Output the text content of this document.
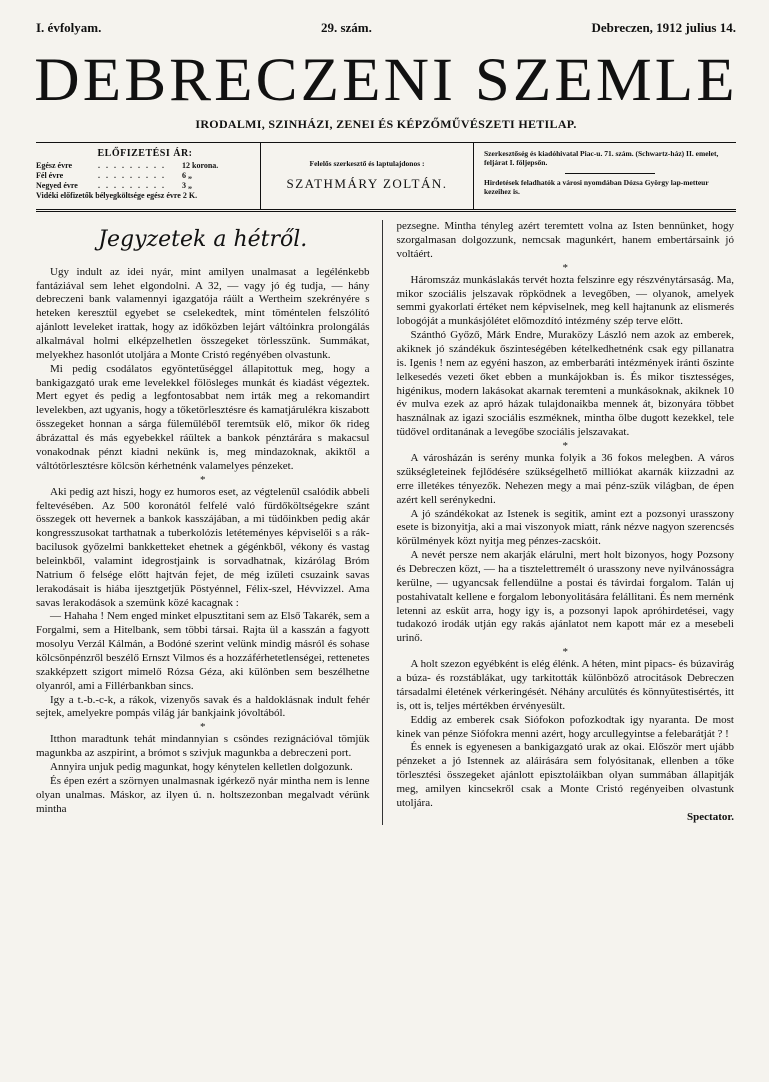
I. évfolyam.	29. szám.	Debreczen, 1912 julius 14.
DEBRECZENI SZEMLE
IRODALMI, SZINHÁZI, ZENEI ÉS KÉPZŐMŰVÉSZETI HETILAP.
ELŐFIZETÉSI ÁR:
Egész évre	. . . . . . . . .	12 korona.
Fél évre	. . . . . . . . .	6 „
Negyed évre	. . . . . . . . .	3 „
Vidéki előfizetők bélyegköltsége egész évre 2 K.
Felelős szerkesztő és laptulajdonos :
SZATHMÁRY ZOLTÁN.
Szerkesztőség és kiadóhivatal Piac-u. 71. szám. (Schwartz-ház) II. emelet, feljárat I. följepsőn.
Hirdetések feladhatók a városi nyomdában Dózsa György lap-metteur kezeihez is.
Jegyzetek a hétről.

Ugy indult az idei nyár, mint amilyen unalmasat a legélénkebb fantáziával sem lehet elgondolni. A 32, — vagy jó ég tudja, — hány debreczeni bank valamennyi igazgatója ráült a Wertheim szekrényére s heteken keresztül egyebet se cselekedtek, mint töméntelen felszólító ajánlott leveleket irattak, hogy az időközben lejárt váltóinkra prolongálás alkalmával holmi elképzelhetlen összegeket törlesszünk. Summákat, melyekhez hasonlót utoljára a Monte Cristó regényében olvastunk.

Mi pedig csodálatos egyöntetűséggel állapitottuk meg, hogy a bankigazgató urak eme levelekkel fölösleges munkát és kiadást végeztek. Mert egyet és pedig a legfontosabbat nem irták meg a rekomandirt levelekben, azt ugyanis, hogy a tőketörlesztésre és kamatjárulékra kiszabott összegeket honnan a sárga füleműlébőI teremtsük elő, mikor ők rideg ábrázattal és más egyebekkel ráültek a bankok pénztárára s makacsul vonakodnak pénzt kiadni nekünk is, meg mindazoknak, akiktől a váltótörlesztésre kölcsön kérhetnénk valamelyes pénzeket.

*

Aki pedig azt hiszi, hogy ez humoros eset, az végtelenül csalódik abbeli feltevésében. Az 500 koronától felfelé való fürdőköltségekre szánt összegek ott hevernek a bankok kasszájában, a mi tüdőinkben pedig akár kongresszusokat tarthatnak a tuberkolózis letéteményes képviselői s a rák-bacilusok győzelmi bankketteket ehetnek a gégénkből, vékony és vastag beleinkből, valamint idegrostjaink is sorvadhatnak, kizárólag Bróm Natrium ő felsége előtt hajtván fejet, de még izületi csuzaink savas lerakodásait is hiába ijesztgetjük Pöstyénnel, Félix-szel, Hévvizzel. Ama savas lerakodások a szemünk közé kacagnak :

— Hahaha ! Nem enged minket elpusztitani sem az Első Takarék, sem a Forgalmi, sem a Hitelbank, sem többi társai. Rajta ül a kasszán a fagyott mosolyu Verzál Kálmán, a Bodóné szerint velünk mindig másról és sohase kölcsönpénzről beszélő Ernszt Vilmos és a hozzáférhetetlenségei, rettenetes szakképzett szigort mimelő Rózsa Géza, aki különben sem beszélhetne olyanról, ami a Fillérbankban sincs.

Igy a t.-b.-c-k, a rákok, vizenyős savak és a haldoklásnak indult fehér sejtek, amelyekre pompás világ jár bankjaink jóvoltából.

*

Itthon maradtunk tehát mindannyian s csöndes rezignációval tömjük magunkba az aszpirint, a brómot s szivjuk magunkba a debreczeni port.

Annyira unjuk pedig magunkat, hogy kénytelen kelletlen dolgozunk.

És épen ezért a szörnyen unalmasnak igérkező nyár mintha nem is lenne olyan unalmas. Máskor, az ilyen ú. n. holtszezonban megalvadt vérünk mintha

pezsegne. Mintha tényleg azért teremtett volna az Isten bennünket, hogy szorgalmasan dolgozzunk, nemcsak magunkért, hanem embertársaink jó voltáért.

*

Háromszáz munkáslakás tervét hozta felszinre egy részvénytársaság. Ma, mikor szociális jelszavak röpködnek a levegőben, — olyanok, amelyek semmi gyakorlati értéket nem képviselnek, meg kell hajtanunk az elismerés lobogóját a munkásjólétet előmozdító intézmény szép terve előtt.

Szánthó Győző, Márk Endre, Muraközy László nem azok az emberek, akiknek jó szándékuk őszinteségében kételkedhetnénk csak egy pillanatra is. Igenis ! nem az egyéni haszon, az emberbaráti intézmények iránti őszinte lelkesedés vezeti őket ebben a munkájokban is. És mikor tisztességes, higénikus, modern lakásokat akarnak teremteni a munkásoknak, akiknek 10 év mulva ezek az apró házak tulajdonaikba mennek át, bizonyára többet használnak az igazi szociális eszméknek, mintha ölbe dugott kezekkel, tele tüdővel orditanának a levegőbe szociális jelszavakat.

*

A városházán is serény munka folyik a 36 fokos melegben. A város szükségleteinek fejlődésére szükségelhető milliókat akarnák kiizzadni az erre illetékes tényezők. Nehezen megy a mai pénz-szük világban, de épen azért kell serénykedni.

A jó szándékokat az Istenek is segitik, amint ezt a pozsonyi urasszony esete is bizonyitja, aki a mai viszonyok miatt, ránk nézve nagyon szerencsés körülmények közt nyitja meg pénzes-zacskóit.

A nevét persze nem akarják elárulni, mert holt bizonyos, hogy Pozsony és Debreczen közt, — ha a tisztelettremélt ó urasszony neve nyilvánosságra kerülne, — ugyancsak fellendülne a postai és távirdai forgalom. Talán uj postahivatalt kellene e forgalom lebonyolitására felállitani. És nem mernénk letenni az esküt arra, hogy igy is, a pozsonyi lapok apróhirdetései, vagy tudakozó irodák utján egy rakás ajánlatot nem kapott már ez a mesebeli urinő.

*

A holt szezon egyébként is elég élénk. A héten, mint pipacs- és búzavirág a búza- és rozstáblákat, ugy tarkitották különböző atrocitások Debreczen társadalmi életének vérkeringését. Néhány arculütés és könnyütestisértés, itt is, ott is, teljes mértékben érvényesült.

Eddig az emberek csak Siófokon pofozkodtak igy nyaranta. De most kinek van pénze Siófokra menni azért, hogy arcullegyintse a felebarátját ? !

És ennek is egyenesen a bankigazgató urak az okai. Először mert ujább pénzeket a jó Istennek az aláirására sem folyósitanak, ellenben a tőke törlesztési összegeket ajánlott episztoláikban olyan summában állapitják meg, amilyen kincsekről csak a Monte Cristó regényeiben olvastunk utoljára.

Spectator.
